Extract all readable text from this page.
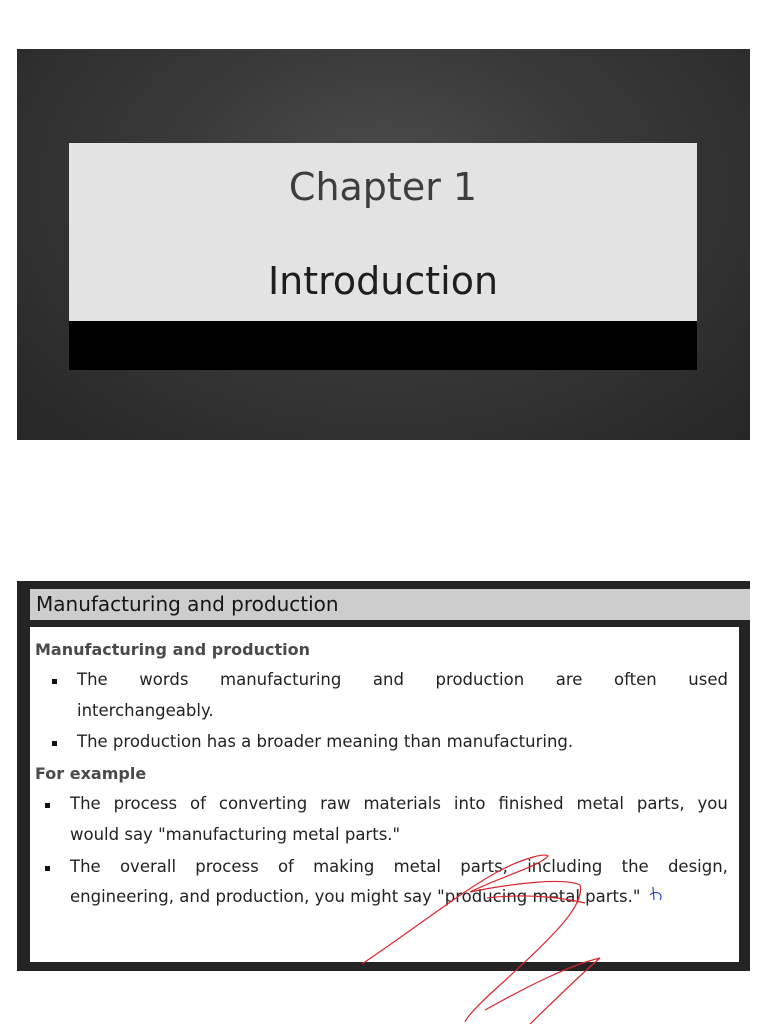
Chapter 1
Introduction
Manufacturing and production
Manufacturing and production
The words manufacturing and production are often used
interchangeably.
The production has a broader meaning than manufacturing.
For example
The process of converting raw materials into finished metal parts, you
would say "manufacturing metal parts."
The overall process of making metal parts, including the design,
engineering, and production, you might say "producing metal parts."
